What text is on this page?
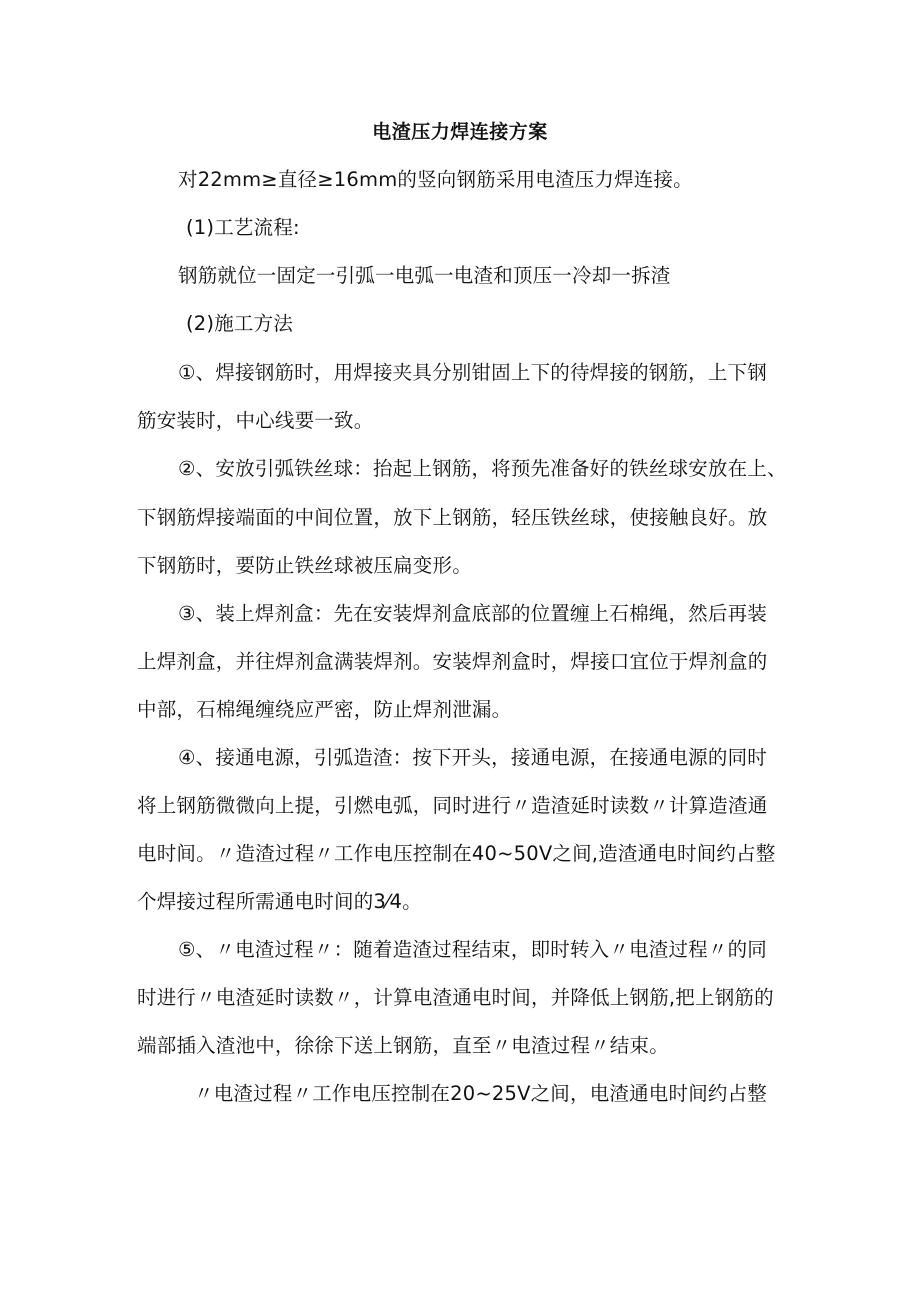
电渣压力焊连接方案
对22mm≥直径≥16mm的竖向钢筋采用电渣压力焊连接。
(1)工艺流程:
钢筋就位一固定一引弧一电弧一电渣和顶压一冷却一拆渣
(2)施工方法
①、焊接钢筋时，用焊接夹具分别钳固上下的待焊接的钢筋，上下钢
筋安装时，中心线要一致。
②、安放引弧铁丝球：抬起上钢筋，将预先准备好的铁丝球安放在上、
下钢筋焊接端面的中间位置，放下上钢筋，轻压铁丝球，使接触良好。放
下钢筋时，要防止铁丝球被压扁变形。
③、装上焊剂盒：先在安装焊剂盒底部的位置缠上石棉绳，然后再装
上焊剂盒，并往焊剂盒满装焊剂。安装焊剂盒时，焊接口宜位于焊剂盒的
中部，石棉绳缠绕应严密，防止焊剂泄漏。
④、接通电源，引弧造渣：按下开头，接通电源，在接通电源的同时
将上钢筋微微向上提，引燃电弧，同时进行〃造渣延时读数〃计算造渣通
电时间。〃造渣过程〃工作电压控制在40~50V之间,造渣通电时间约占整
个焊接过程所需通电时间的3⁄4。
⑤、〃电渣过程〃：随着造渣过程结束，即时转入〃电渣过程〃的同
时进行〃电渣延时读数〃，计算电渣通电时间，并降低上钢筋,把上钢筋的
端部插入渣池中，徐徐下送上钢筋，直至〃电渣过程〃结束。
〃电渣过程〃工作电压控制在20~25V之间，电渣通电时间约占整
